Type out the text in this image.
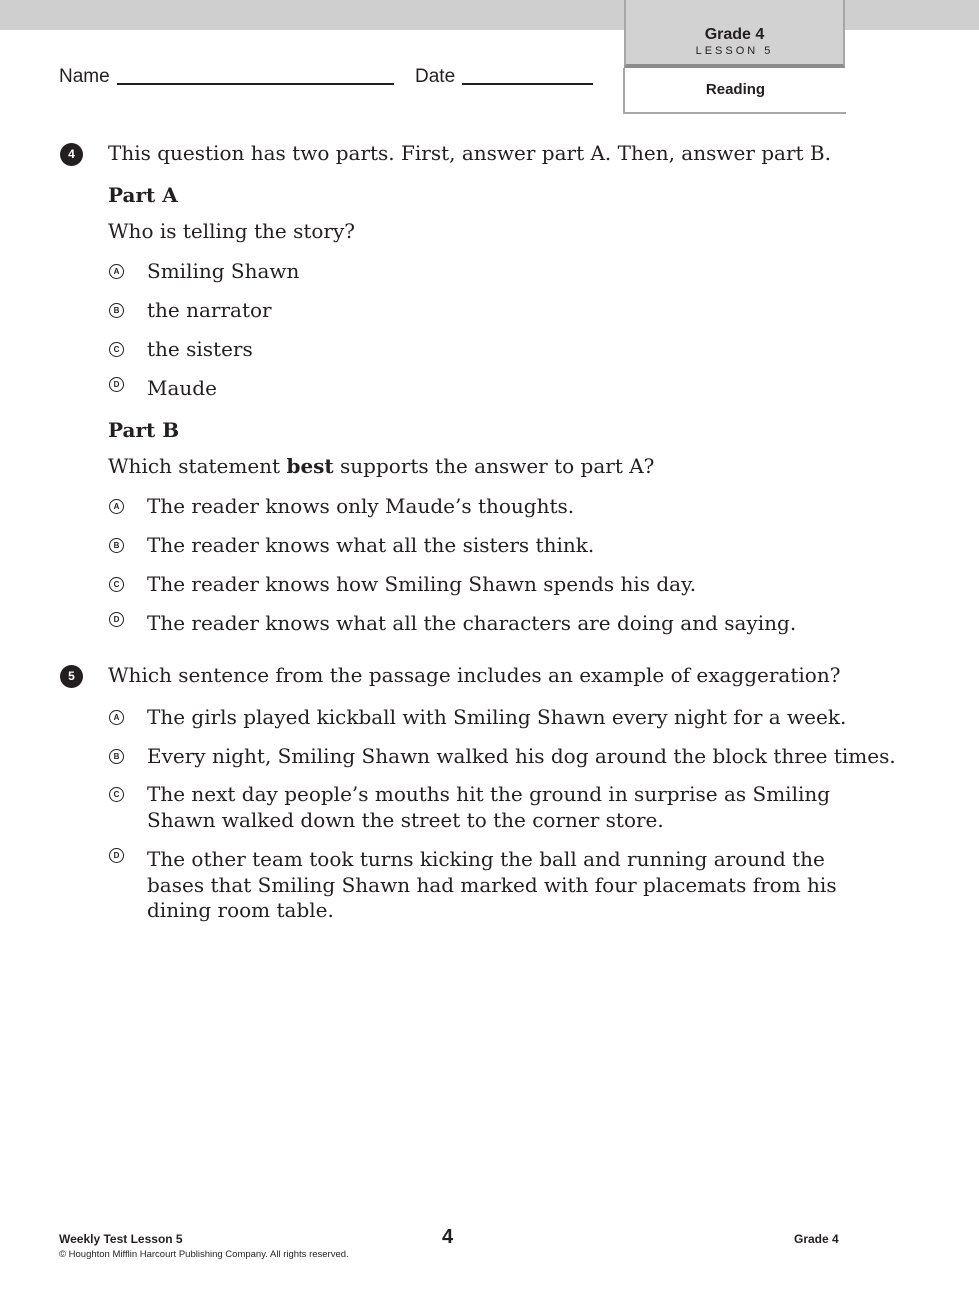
Grade 4
LESSON 5
Reading
Name	Date
4	This question has two parts. First, answer part A. Then, answer part B.
Part A
Who is telling the story?
A Smiling Shawn
B the narrator
C the sisters
D Maude
Part B
Which statement best supports the answer to part A?
A The reader knows only Maude’s thoughts.
B The reader knows what all the sisters think.
C The reader knows how Smiling Shawn spends his day.
D The reader knows what all the characters are doing and saying.
5	Which sentence from the passage includes an example of exaggeration?
A The girls played kickball with Smiling Shawn every night for a week.
B Every night, Smiling Shawn walked his dog around the block three times.
C The next day people’s mouths hit the ground in surprise as Smiling
Shawn walked down the street to the corner store.
D The other team took turns kicking the ball and running around the
bases that Smiling Shawn had marked with four placemats from his
dining room table.
Weekly Test Lesson 5
© Houghton Mifflin Harcourt Publishing Company. All rights reserved.
4	Grade 4
